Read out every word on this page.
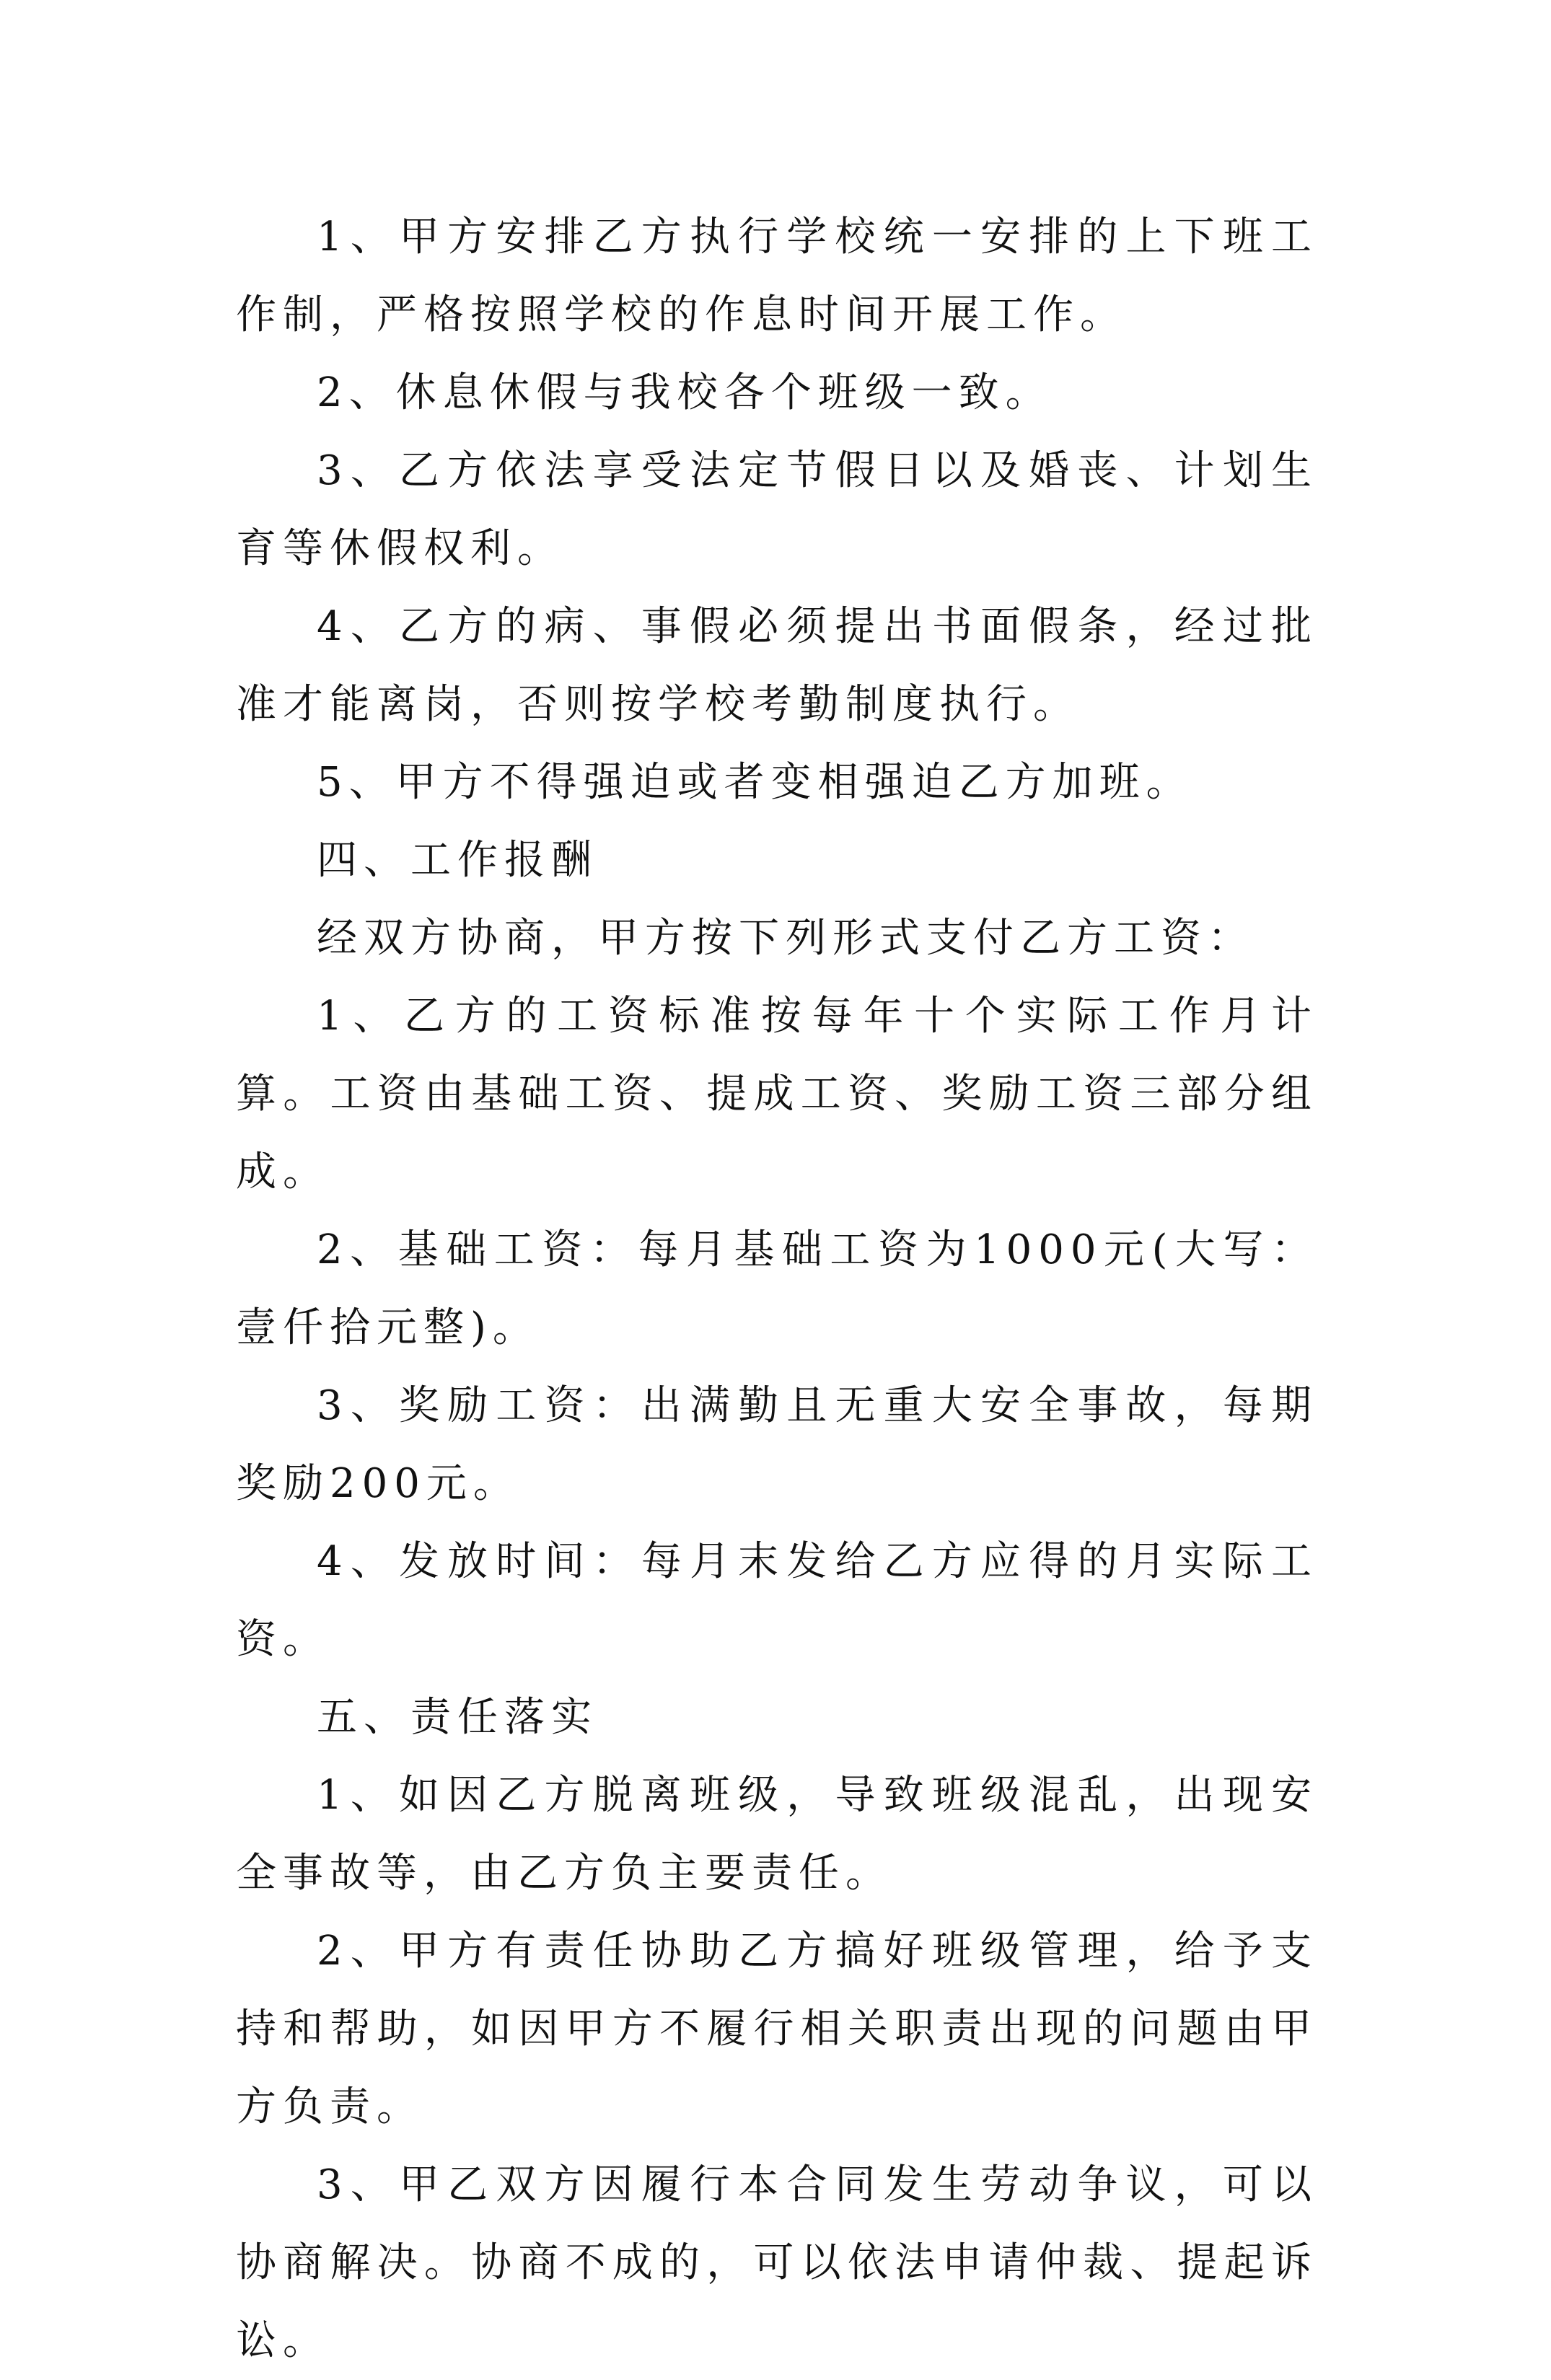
1、甲方安排乙方执行学校统一安排的上下班工作制，严格按照学校的作息时间开展工作。

2、休息休假与我校各个班级一致。

3、乙方依法享受法定节假日以及婚丧、计划生育等休假权利。

4、乙方的病、事假必须提出书面假条，经过批准才能离岗，否则按学校考勤制度执行。

5、甲方不得强迫或者变相强迫乙方加班。

四、工作报酬

经双方协商，甲方按下列形式支付乙方工资：

1、乙方的工资标准按每年十个实际工作月计算。工资由基础工资、提成工资、奖励工资三部分组成。

2、基础工资：每月基础工资为1000元(大写：壹仟拾元整)。

3、奖励工资：出满勤且无重大安全事故，每期奖励200元。

4、发放时间：每月末发给乙方应得的月实际工资。

五、责任落实

1、如因乙方脱离班级，导致班级混乱，出现安全事故等，由乙方负主要责任。

2、甲方有责任协助乙方搞好班级管理，给予支持和帮助，如因甲方不履行相关职责出现的问题由甲方负责。

3、甲乙双方因履行本合同发生劳动争议，可以协商解决。协商不成的，可以依法申请仲裁、提起诉讼。
